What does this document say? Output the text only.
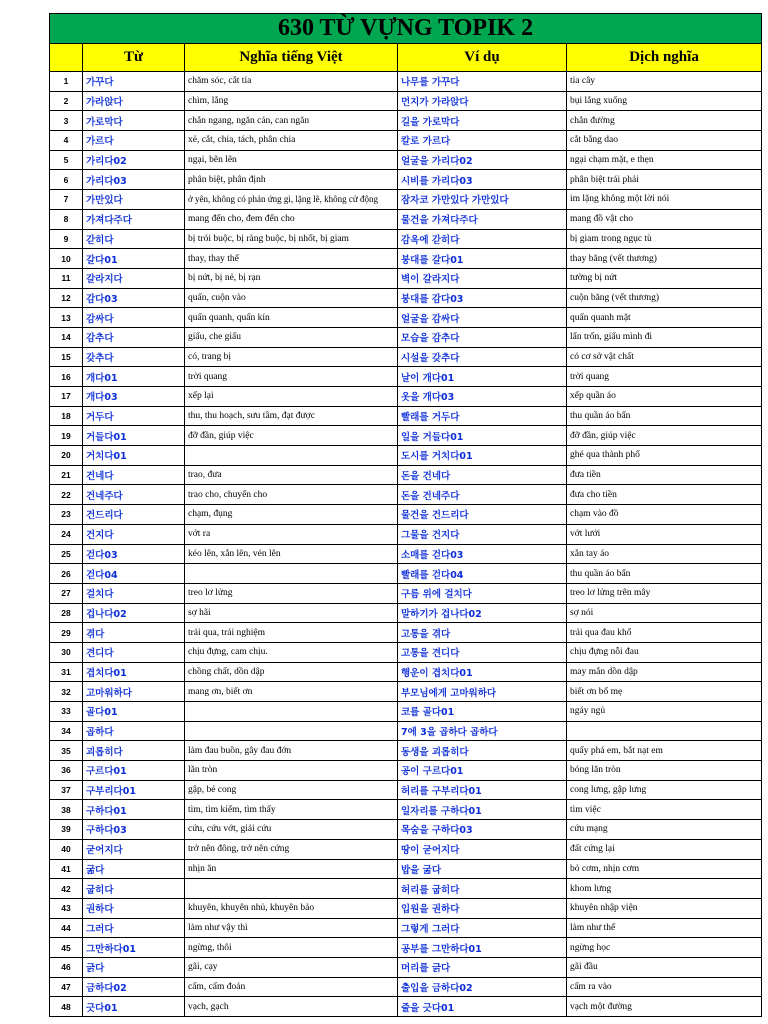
630 TỪ VỰNG TOPIK 2				
	Từ	Nghĩa tiếng Việt	Ví dụ	Dịch nghĩa
1	가꾸다	chăm sóc, cắt tỉa	나무를 가꾸다	tỉa cây
2	가라앉다	chìm, lắng	먼지가 가라앉다	bụi lắng xuống
3	가로막다	chắn ngang, ngăn cản, can ngăn	길을 가로막다	chắn đường
4	가르다	xẻ, cắt, chia, tách, phân chia	칼로 가르다	cắt bằng dao
5	가리다02	ngại, bẽn lẽn	얼굴을 가리다02	ngại chạm mặt, e thẹn
6	가리다03	phân biệt, phân định	시비를 가리다03	phân biệt trái phải
7	가만있다	ở yên, không có phản ứng gì, lặng lẽ, không cử động	잠자코 가만있다 가만있다	im lặng không một lời nói
8	가져다주다	mang đến cho, đem đến cho	물건을 가져다주다	mang đồ vật cho
9	갇히다	bị trói buộc, bị ràng buộc, bị nhốt, bị giam	감옥에 갇히다	bị giam trong ngục tù
10	갈다01	thay, thay thế	붕대를 갈다01	thay băng (vết thương)
11	갈라지다	bị nứt, bị nẻ, bị rạn	벽이 갈라지다	tường bị nứt
12	감다03	quấn, cuộn vào	붕대를 감다03	cuộn băng (vết thương)
13	감싸다	quấn quanh, quấn kín	얼굴을 감싸다	quấn quanh mặt
14	감추다	giấu, che giấu	모습을 감추다	lẩn trốn, giấu mình đi
15	갖추다	có, trang bị	시설을 갖추다	có cơ sở vật chất
16	개다01	trời quang	날이 개다01	trời quang
17	개다03	xếp lại	옷을 개다03	xếp quần áo
18	거두다	thu, thu hoạch, sưu tầm, đạt được	빨래를 거두다	thu quần áo bẩn
19	거들다01	đỡ đần, giúp việc	일을 거들다01	đỡ đần, giúp việc
20	거치다01		도시를 거치다01	ghé qua thành phố
21	건네다	trao, đưa	돈을 건네다	đưa tiền
22	건네주다	trao cho, chuyển cho	돈을 건네주다	đưa cho tiền
23	건드리다	chạm, đụng	물건을 건드리다	chạm vào đồ
24	건지다	vớt ra	그물을 건지다	vớt lưới
25	걷다03	kéo lên, xắn lên, vén lên	소매를 걷다03	xắn tay áo
26	걷다04		빨래를 걷다04	thu quần áo bẩn
27	걸치다	treo lơ lửng	구름 위에 걸치다	treo lơ lửng trên mây
28	겁나다02	sợ hãi	말하기가 겁나다02	sợ nói
29	겪다	trải qua, trải nghiệm	고통을 겪다	trải qua đau khổ
30	견디다	chịu đựng, cam chịu.	고통을 견디다	chịu đựng nỗi đau
31	겹치다01	chồng chất, dồn dập	행운이 겹치다01	may mắn dồn dập
32	고마워하다	mang ơn, biết ơn	부모님에게 고마워하다	biết ơn bố mẹ
33	골다01		코를 골다01	ngáy ngủ
34	곱하다		7에 3을 곱하다 곱하다	
35	괴롭히다	làm đau buồn, gây đau đớn	동생을 괴롭히다	quấy phá em, bắt nạt em
36	구르다01	lăn tròn	공이 구르다01	bóng lăn tròn
37	구부리다01	gập, bẻ cong	허리를 구부리다01	cong lưng, gập lưng
38	구하다01	tìm, tìm kiếm, tìm thấy	일자리를 구하다01	tìm việc
39	구하다03	cứu, cứu vớt, giải cứu	목숨을 구하다03	cứu mạng
40	굳어지다	trở nên đông, trở nên cứng	땅이 굳어지다	đất cứng lại
41	굶다	nhịn ăn	밥을 굶다	bỏ cơm, nhịn cơm
42	굽히다		허리를 굽히다	khom lưng
43	권하다	khuyên, khuyên nhủ, khuyên bảo	입원을 권하다	khuyên nhập viện
44	그러다	làm như vậy thì	그렇게 그러다	làm như thế
45	그만하다01	ngừng, thôi	공부를 그만하다01	ngừng học
46	긁다	gãi, cạy	머리를 긁다	gãi đầu
47	금하다02	cấm, cấm đoán	출입을 금하다02	cấm ra vào
48	긋다01	vạch, gạch	줄을 긋다01	vạch một đường
